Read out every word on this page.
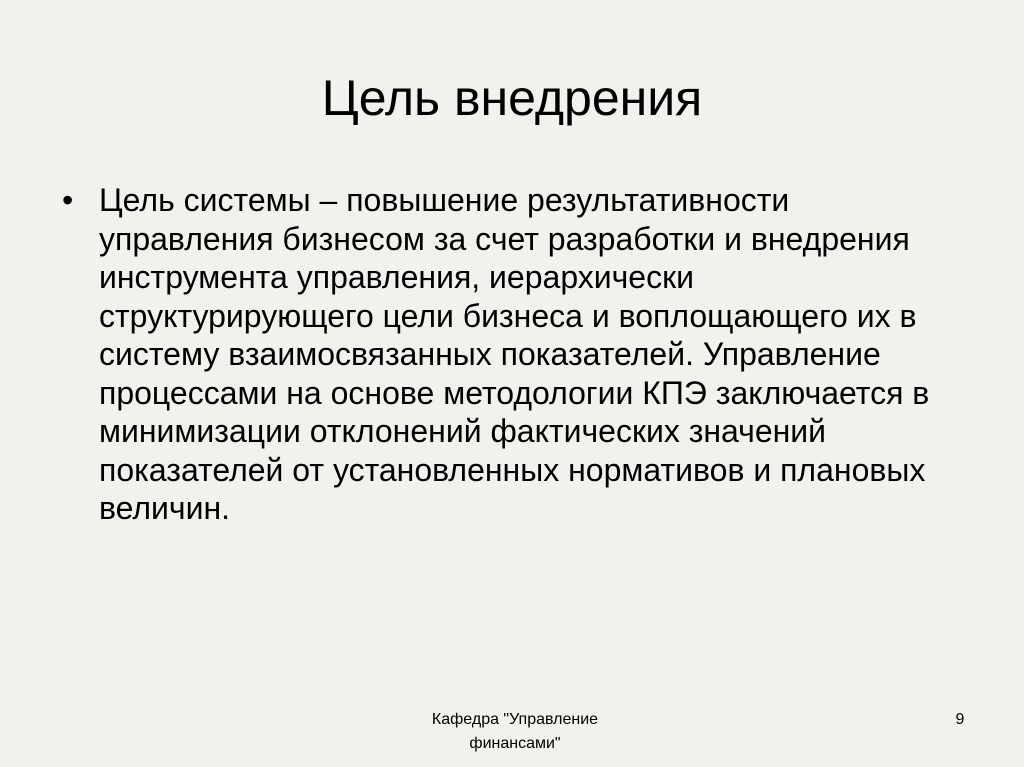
Цель внедрения
• Цель системы – повышение результативности управления бизнесом за счет разработки и внедрения инструмента управления, иерархически структурирующего цели бизнеса и воплощающего их в систему взаимосвязанных показателей. Управление процессами на основе методологии КПЭ заключается в минимизации отклонений фактических значений показателей от установленных нормативов и плановых величин.
Кафедра "Управление
финансами"
9
